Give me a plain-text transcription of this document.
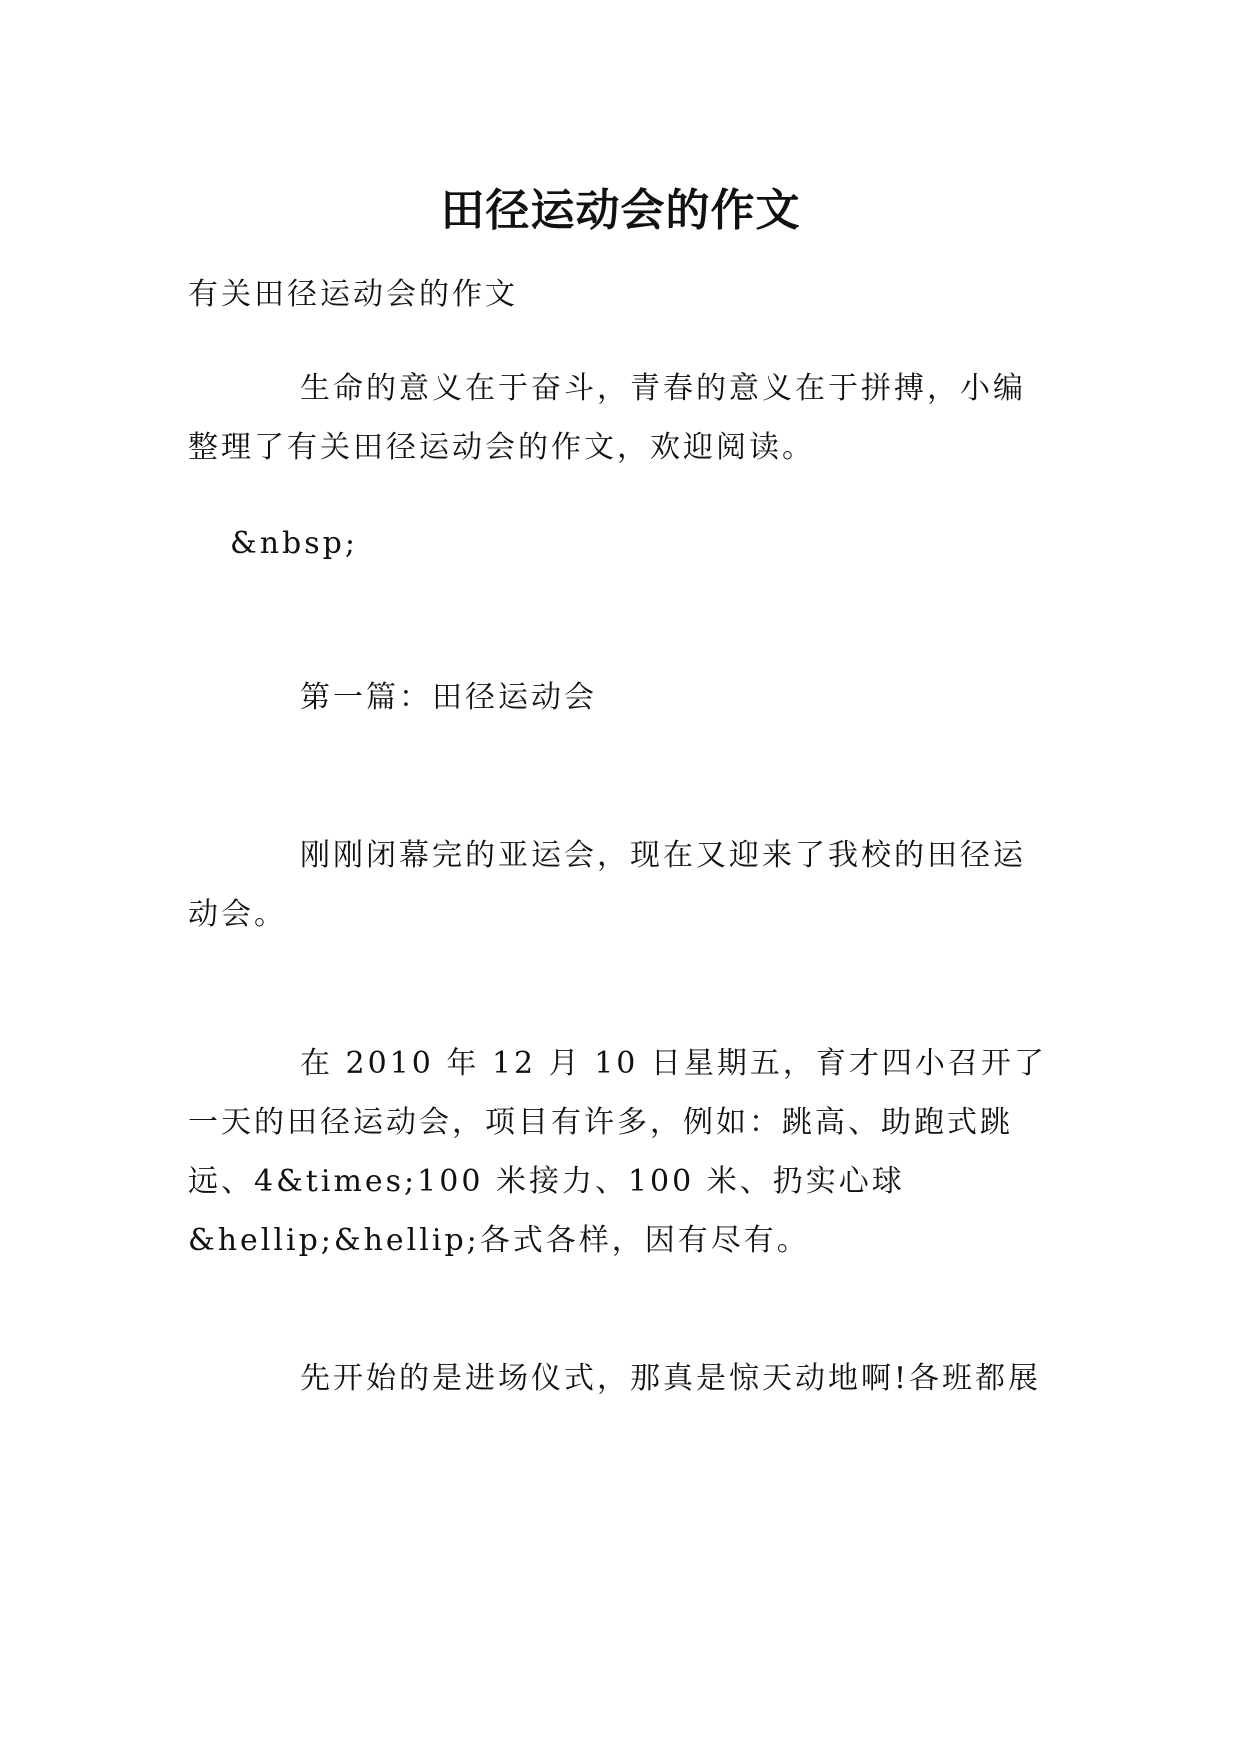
田径运动会的作文

有关田径运动会的作文

生命的意义在于奋斗，青春的意义在于拼搏，小编整理了有关田径运动会的作文，欢迎阅读。

&nbsp;

第一篇：田径运动会

刚刚闭幕完的亚运会，现在又迎来了我校的田径运动会。

在 2010 年 12 月 10 日星期五，育才四小召开了一天的田径运动会，项目有许多，例如：跳高、助跑式跳远、4&times;100 米接力、100 米、扔实心球&hellip;&hellip;各式各样，因有尽有。

先开始的是进场仪式，那真是惊天动地啊!各班都展
